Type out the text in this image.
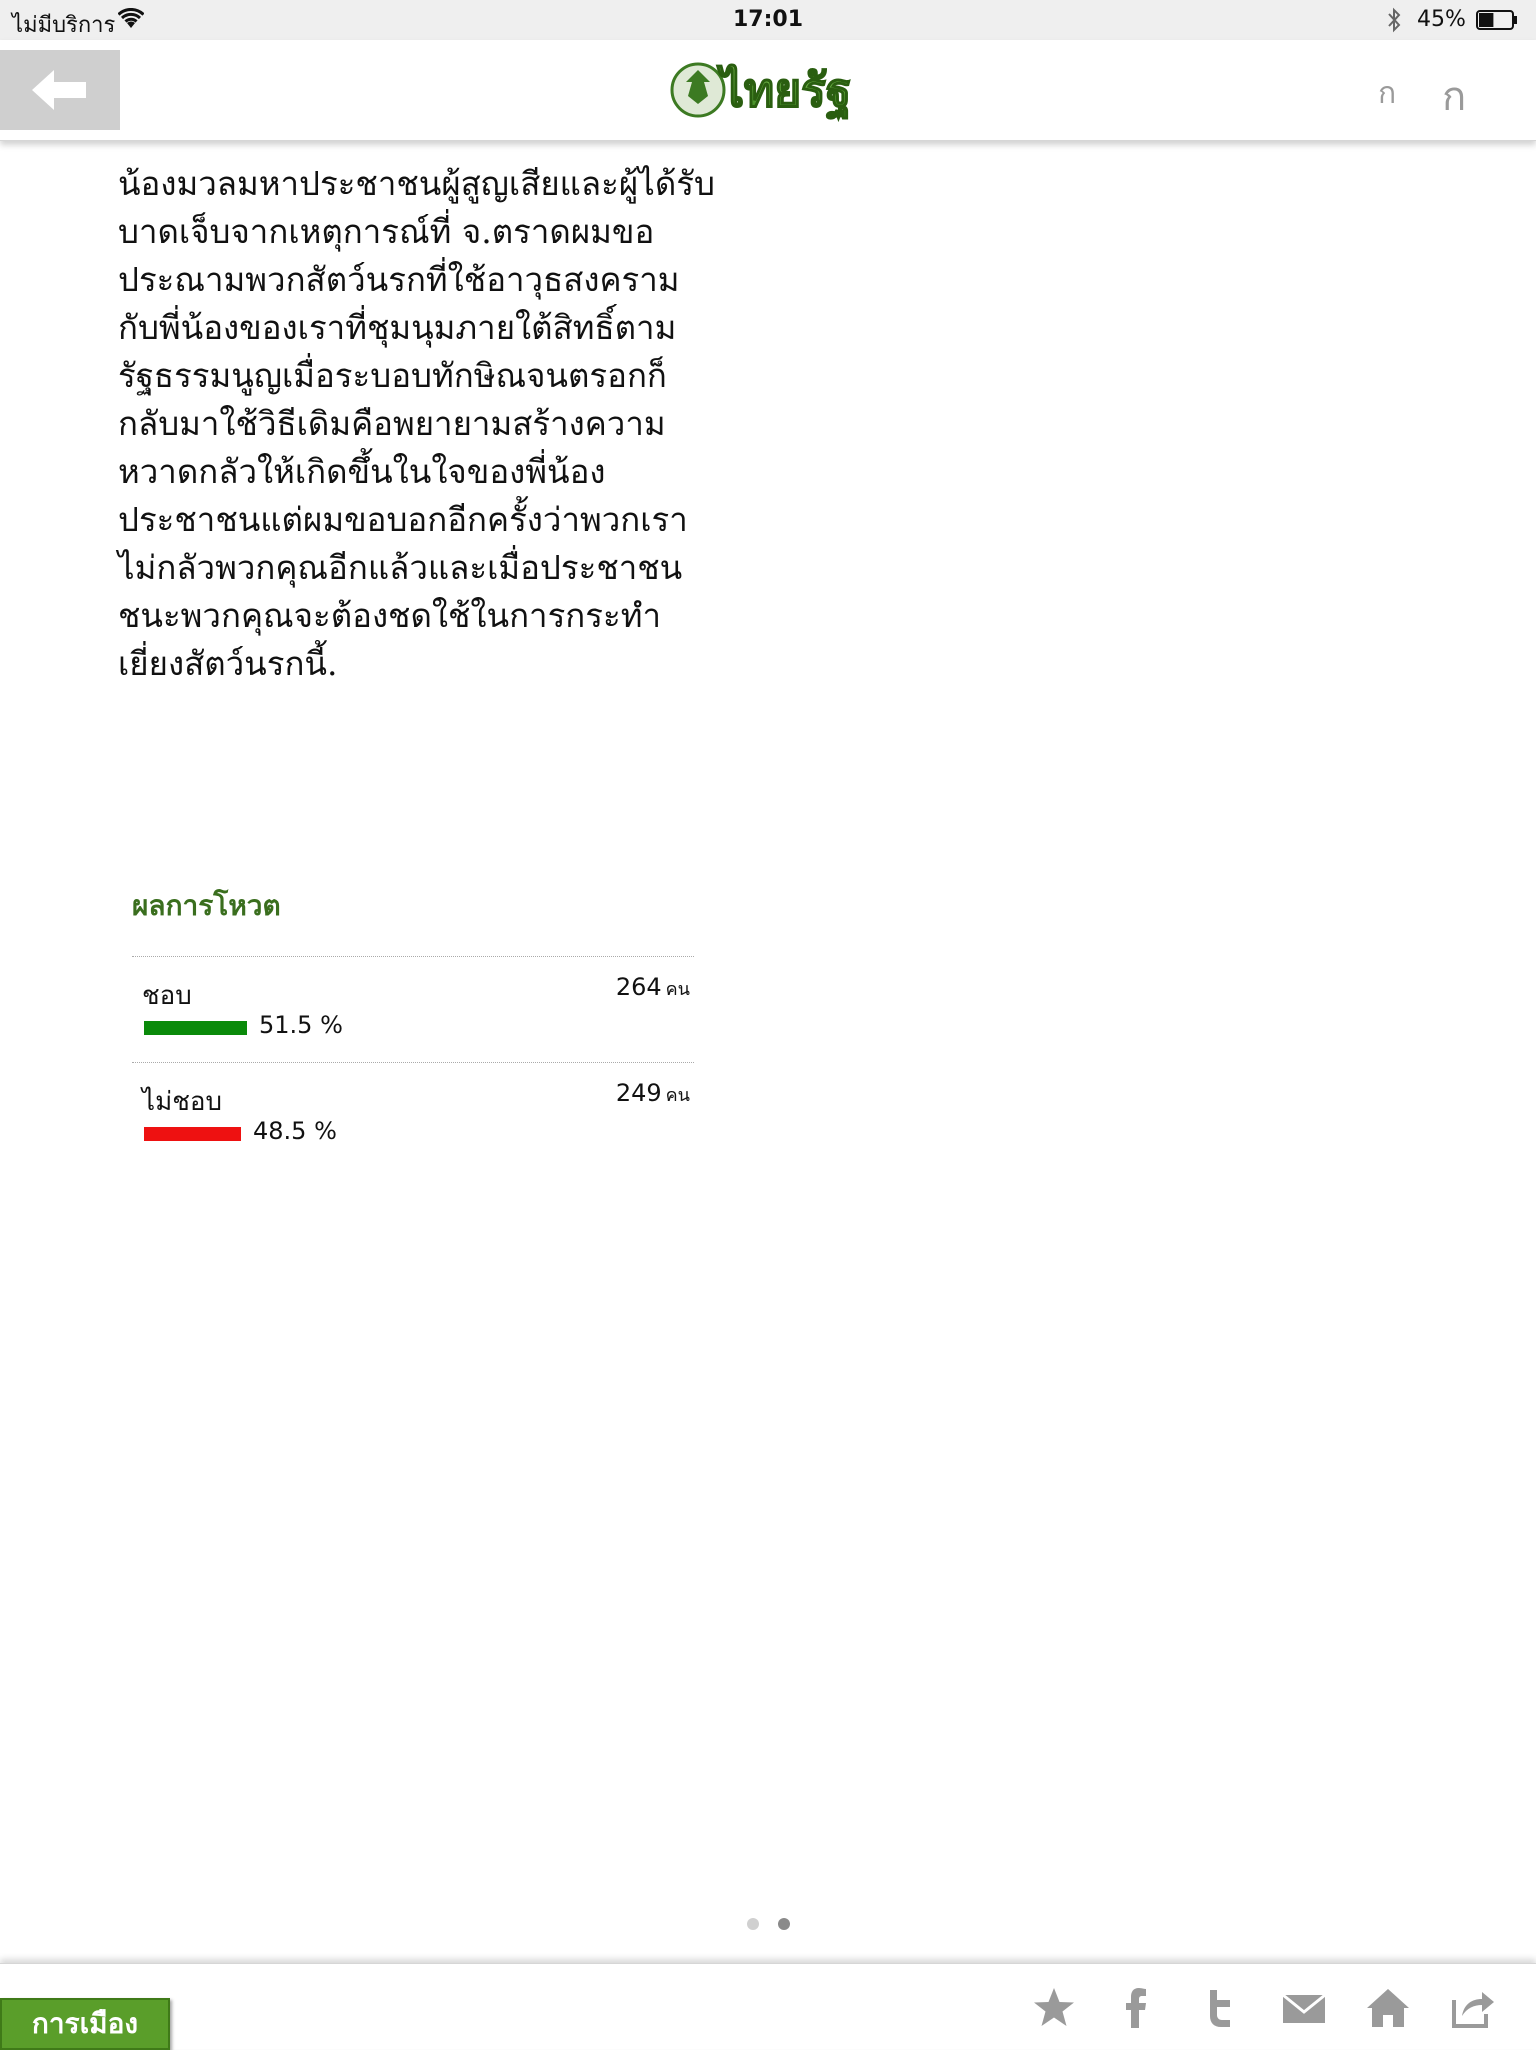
ไม่มีบริการ	17:01	45%
ไทยรัฐ	ก ก

น้องมวลมหาประชาชนผู้สูญเสียและผู้ได้รับ

บาดเจ็บจากเหตุการณ์ที่ จ.ตราดผมขอ

ประณามพวกสัตว์นรกที่ใช้อาวุธสงคราม

กับพี่น้องของเราที่ชุมนุมภายใต้สิทธิ์ตาม

รัฐธรรมนูญเมื่อระบอบทักษิณจนตรอกก็

กลับมาใช้วิธีเดิมคือพยายามสร้างความ

หวาดกลัวให้เกิดขึ้นในใจของพี่น้อง

ประชาชนแต่ผมขอบอกอีกครั้งว่าพวกเรา

ไม่กลัวพวกคุณอีกแล้วและเมื่อประชาชน

ชนะพวกคุณจะต้องชดใช้ในการกระทำ

เยี่ยงสัตว์นรกนี้.

ผลการโหวต
ชอบ	264 คน
51.5 %
ไม่ชอบ	249 คน
48.5 %
การเมือง
